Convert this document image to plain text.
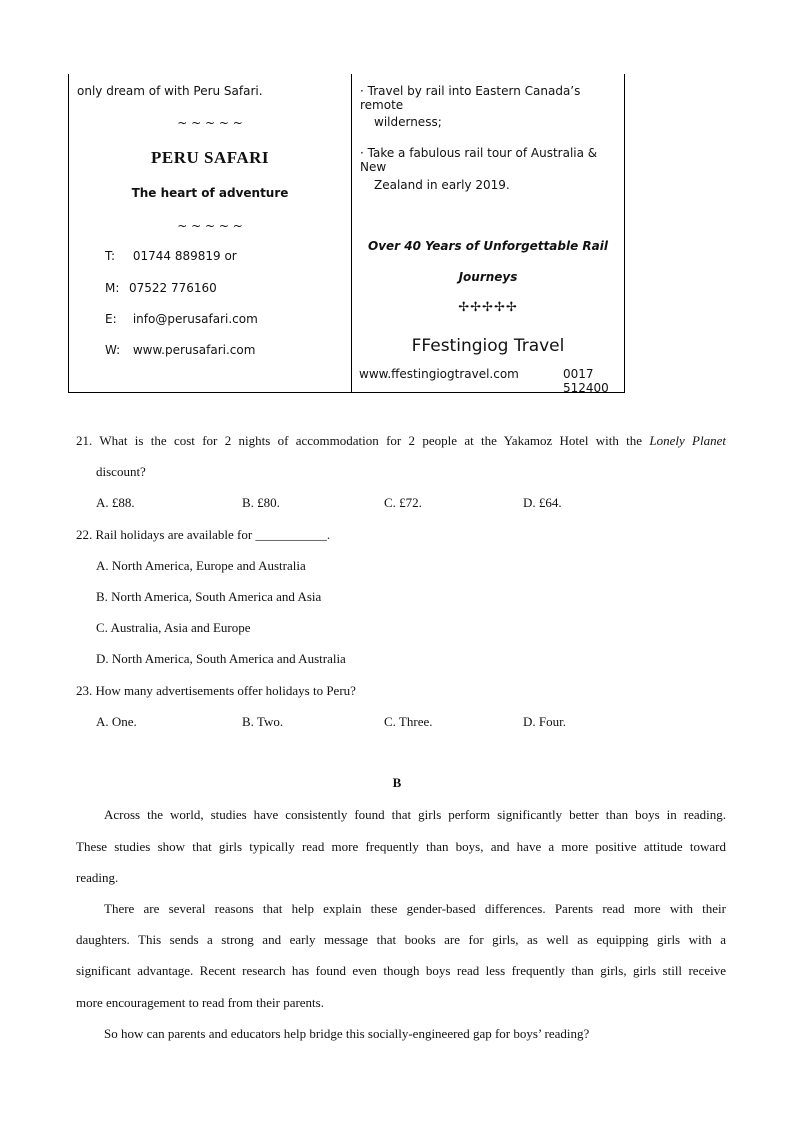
only dream of with Peru Safari.
~ ~ ~ ~ ~
PERU SAFARI
The heart of adventure
~ ~ ~ ~ ~
T: 01744 889819 or
M: 07522 776160
E: info@perusafari.com
W: www.perusafari.com
· Travel by rail into Eastern Canada’s remote
wilderness;
· Take a fabulous rail tour of Australia & New
Zealand in early 2019.
Over 40 Years of Unforgettable Rail
Journeys
✢✢✢✢✢
FFestingiog Travel
www.ffestingiogtravel.com	0017 512400
21. What is the cost for 2 nights of accommodation for 2 people at the Yakamoz Hotel with the Lonely Planet
discount?
A. £88.	B. £80.	C. £72.	D. £64.
22. Rail holidays are available for ___________.
A. North America, Europe and Australia
B. North America, South America and Asia
C. Australia, Asia and Europe
D. North America, South America and Australia
23. How many advertisements offer holidays to Peru?
A. One.	B. Two.	C. Three.	D. Four.
B
Across the world, studies have consistently found that girls perform significantly better than boys in reading.
These studies show that girls typically read more frequently than boys, and have a more positive attitude toward
reading.
There are several reasons that help explain these gender-based differences. Parents read more with their
daughters. This sends a strong and early message that books are for girls, as well as equipping girls with a
significant advantage. Recent research has found even though boys read less frequently than girls, girls still receive
more encouragement to read from their parents.
So how can parents and educators help bridge this socially-engineered gap for boys’ reading?
